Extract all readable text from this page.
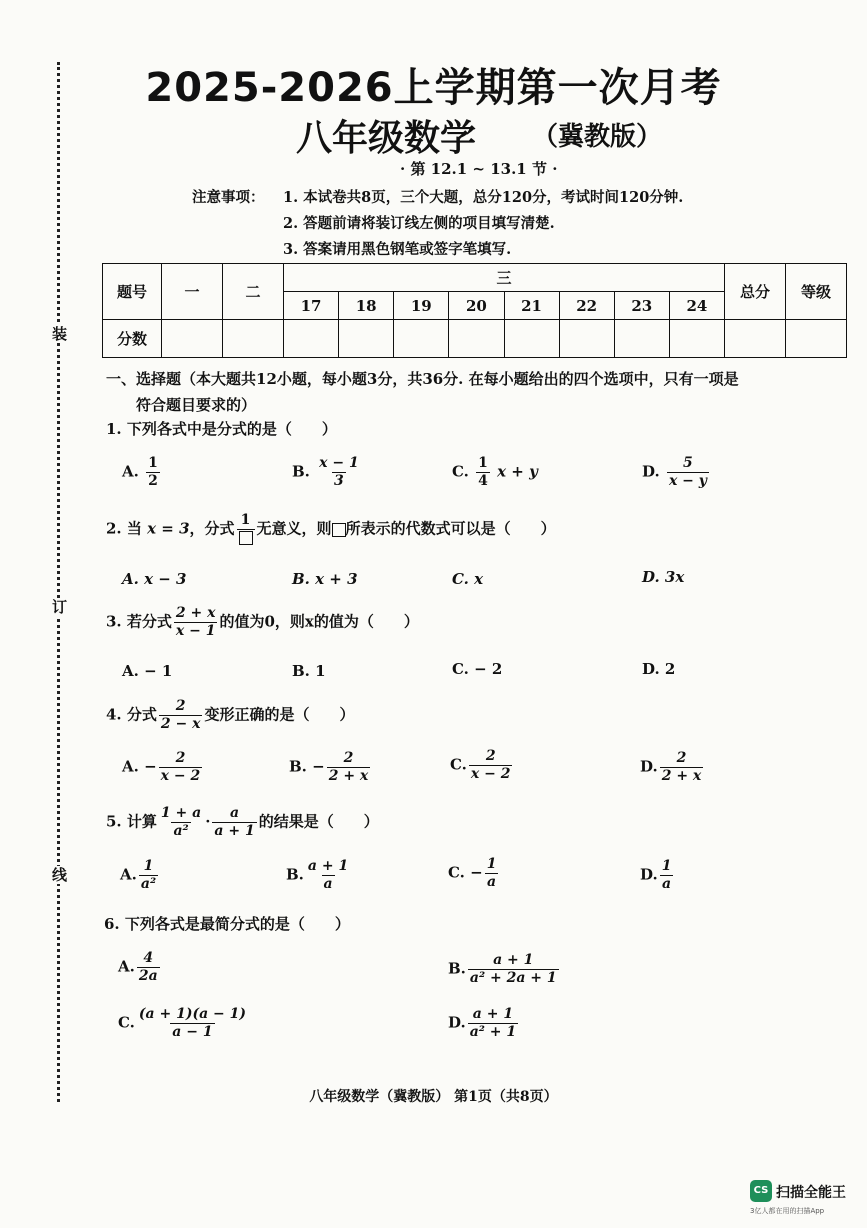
装
订
线
2025-2026上学期第一次月考
八年级数学 （冀教版）
· 第 12.1 ~ 13.1 节 ·
注意事项： 1. 本试卷共8页，三个大题，总分120分，考试时间120分钟.
2. 答题前请将装订线左侧的项目填写清楚.
3. 答案请用黑色钢笔或签字笔填写.
题号	一	二	三								总分	等级
			17	18	19	20	21	22	23	24		
分数												
一、选择题（本大题共12小题，每小题3分，共36分. 在每小题给出的四个选项中，只有一项是
符合题目要求的）
1. 下列各式中是分式的是（　　）
A. $\frac{1}{2}$	B. $\frac{x - 1}{3}$	C. $\frac{1}{4}$ x + y	D. $\frac{5}{x - y}$
2. 当 x = 3，分式 1 无意义，则 所表示的代数式可以是（　　）
A. x − 3	B. x + 3	C. x	D. 3x
3. 若分式 $\frac{2 + x}{x - 1}$ 的值为0，则x的值为（　　）
A. − 1	B. 1	C. − 2	D. 2
4. 分式 $\frac{2}{2 - x}$ 变形正确的是（　　）
A. − $\frac{2}{x - 2}$	B. − $\frac{2}{2 + x}$	C. $\frac{2}{x - 2}$	D. $\frac{2}{2 + x}$
5. 计算 $\frac{1 + a}{\text{a²}} \cdot \frac{a}{a + 1}$ 的结果是（　　）
A. $\frac{1}{\text{a²}}$	B. $\frac{a + 1}{a}$	C. − $\frac{1}{a}$	D. $\frac{1}{a}$
6. 下列各式是最简分式的是（　　）
A. $\frac{4}{2a}$	B. $\frac{a + 1}{\text{a² + 2a + 1}}$
C. $\frac{(a + 1)(a - 1)}{a - 1}$	D. $\frac{a + 1}{\text{a² + 1}}$
八年级数学（冀教版） 第1页（共8页）
CS 扫描全能王
3亿人都在用的扫描App
